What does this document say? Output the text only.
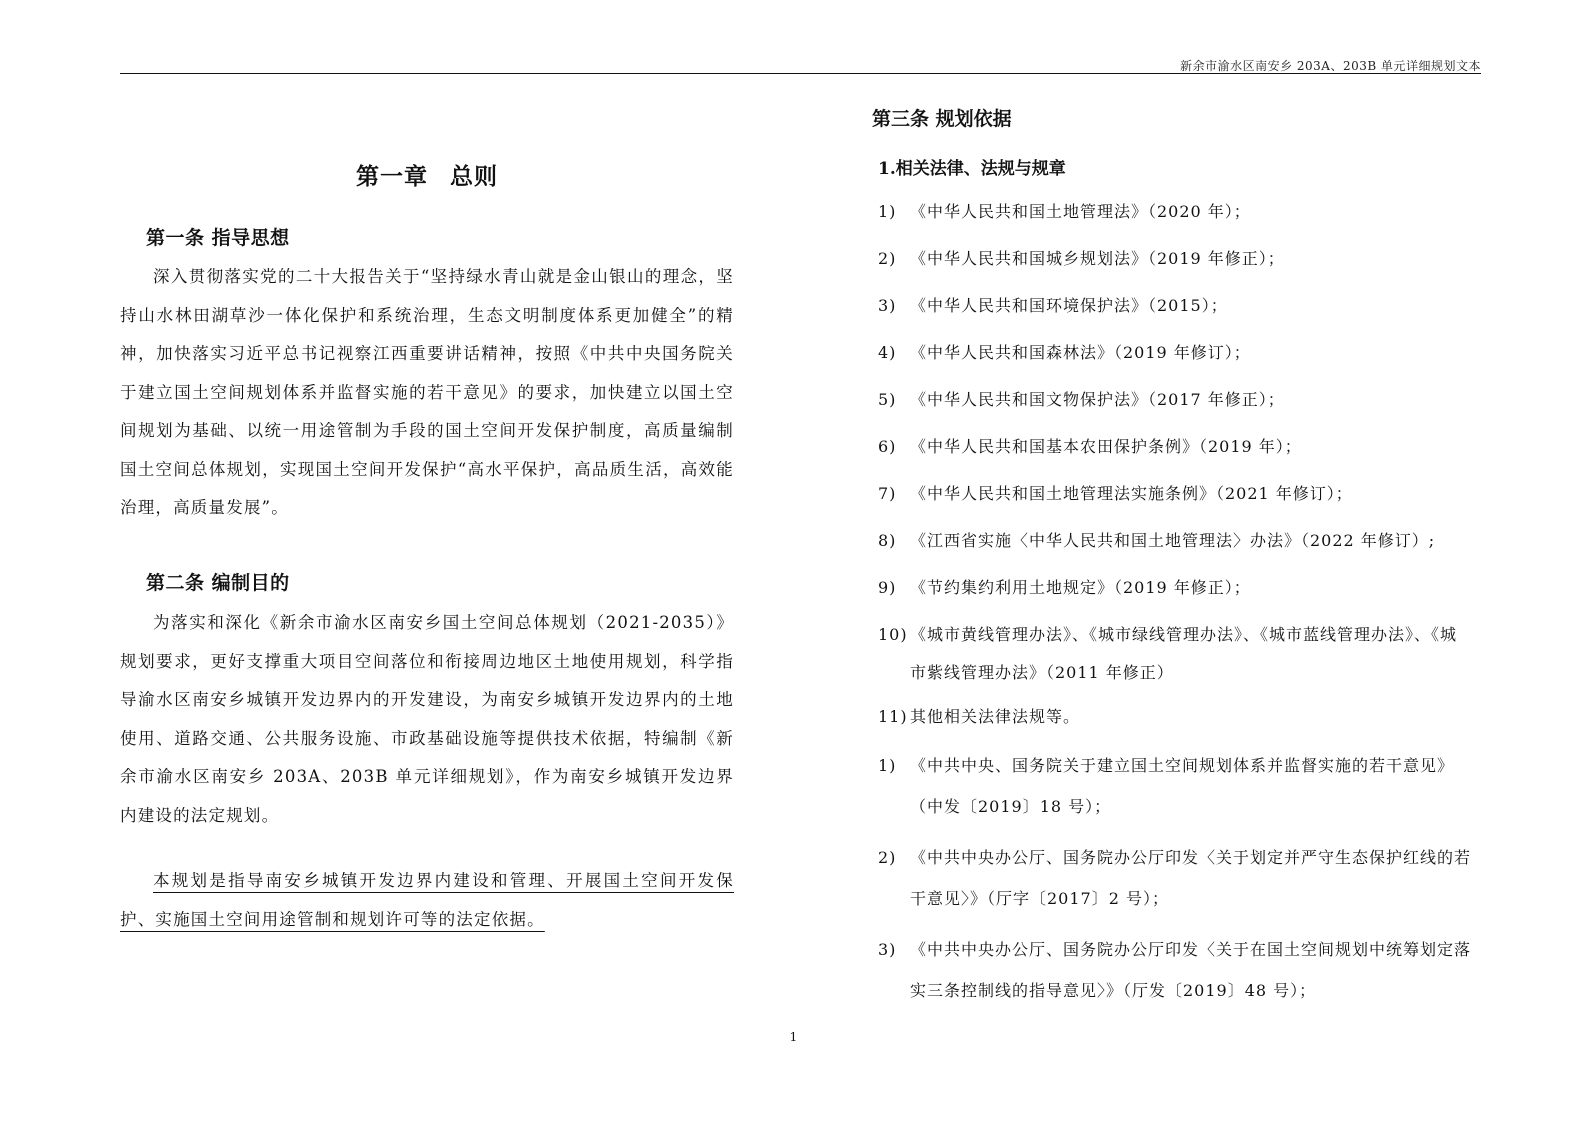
新余市渝水区南安乡 203A、203B 单元详细规划文本
第一章 总则
第一条 指导思想

深入贯彻落实党的二十大报告关于“坚持绿水青山就是金山银山的理念，坚持山水林田湖草沙一体化保护和系统治理，生态文明制度体系更加健全”的精神，加快落实习近平总书记视察江西重要讲话精神，按照《中共中央国务院关于建立国土空间规划体系并监督实施的若干意见》的要求，加快建立以国土空间规划为基础、以统一用途管制为手段的国土空间开发保护制度，高质量编制国土空间总体规划，实现国土空间开发保护“高水平保护，高品质生活，高效能治理，高质量发展”。

第二条 编制目的

为落实和深化《新余市渝水区南安乡国土空间总体规划（2021-2035）》规划要求，更好支撑重大项目空间落位和衔接周边地区土地使用规划，科学指导渝水区南安乡城镇开发边界内的开发建设，为南安乡城镇开发边界内的土地使用、道路交通、公共服务设施、市政基础设施等提供技术依据，特编制《新余市渝水区南安乡 203A、203B 单元详细规划》，作为南安乡城镇开发边界内建设的法定规划。

本规划是指导南安乡城镇开发边界内建设和管理、开展国土空间开发保护、实施国土空间用途管制和规划许可等的法定依据。

第三条 规划依据
1.相关法律、法规与规章
1) 《中华人民共和国土地管理法》（2020 年）；
2) 《中华人民共和国城乡规划法》（2019 年修正）；
3) 《中华人民共和国环境保护法》（2015）；
4) 《中华人民共和国森林法》（2019 年修订）；
5) 《中华人民共和国文物保护法》（2017 年修正）；
6) 《中华人民共和国基本农田保护条例》（2019 年）；
7) 《中华人民共和国土地管理法实施条例》（2021 年修订）；
8) 《江西省实施〈中华人民共和国土地管理法〉办法》（2022 年修订）;
9) 《节约集约利用土地规定》（2019 年修正）；
10) 《城市黄线管理办法》、《城市绿线管理办法》、《城市蓝线管理办法》、《城市紫线管理办法》（2011 年修正）
11) 其他相关法律法规等。
1) 《中共中央、国务院关于建立国土空间规划体系并监督实施的若干意见》（中发〔2019〕18 号）；
2) 《中共中央办公厅、国务院办公厅印发〈关于划定并严守生态保护红线的若干意见〉》（厅字〔2017〕2 号）；
3) 《中共中央办公厅、国务院办公厅印发〈关于在国土空间规划中统筹划定落实三条控制线的指导意见〉》（厅发〔2019〕48 号）；
1
